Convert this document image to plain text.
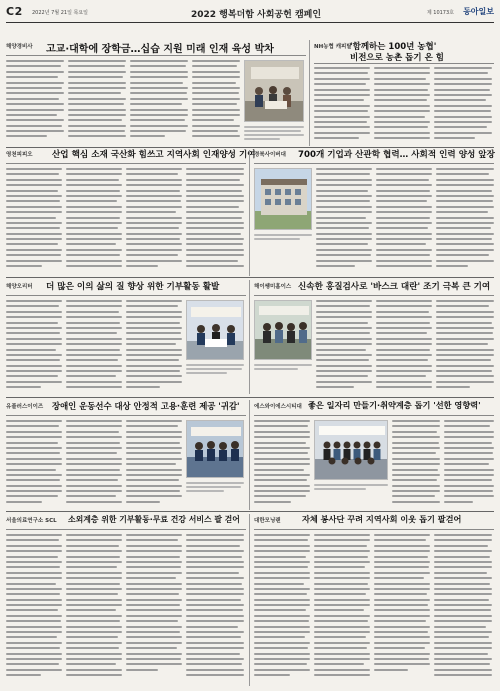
C2 2022년 7월 21일 목요일	2022 행복더함 사회공헌 캠페인	제 10173호 동아일보
해양경비사 고교·대학에 장학금…십습 지원 미래 인재 육성 박차	NH농협 캐피탈
'함께하는 100년 농협'
비전으로 농촌 돕기 온 힘
영천피피오 산업 핵심 소재 국산화 힘쓰고 지역사회 인재양성 기여
경북사이버대 700개 기업과 산관학 협력… 사회적 인력 양성 앞장
해양오리터 더 많은 이의 삶의 질 향상 위한 기부활동 활발	해이쌩미홈이스 신속한 홍질검사로 '바스크 대란' 조기 극복 큰 기여
유플러스이이즈 장애인 운동선수 대상 안정적 고용·훈련 제공 '귀감'	에스와이에스시티대 좋은 일자리 만들기·취약계층 돕기 '선한 영향력'
서울의료연구소 SCL 소외계층 위한 기부활동·무료 건강 서비스 팔 걷어	대한모닝랜	자체 봉사단 꾸려 지역사회 이웃 돕기 팔걷어
